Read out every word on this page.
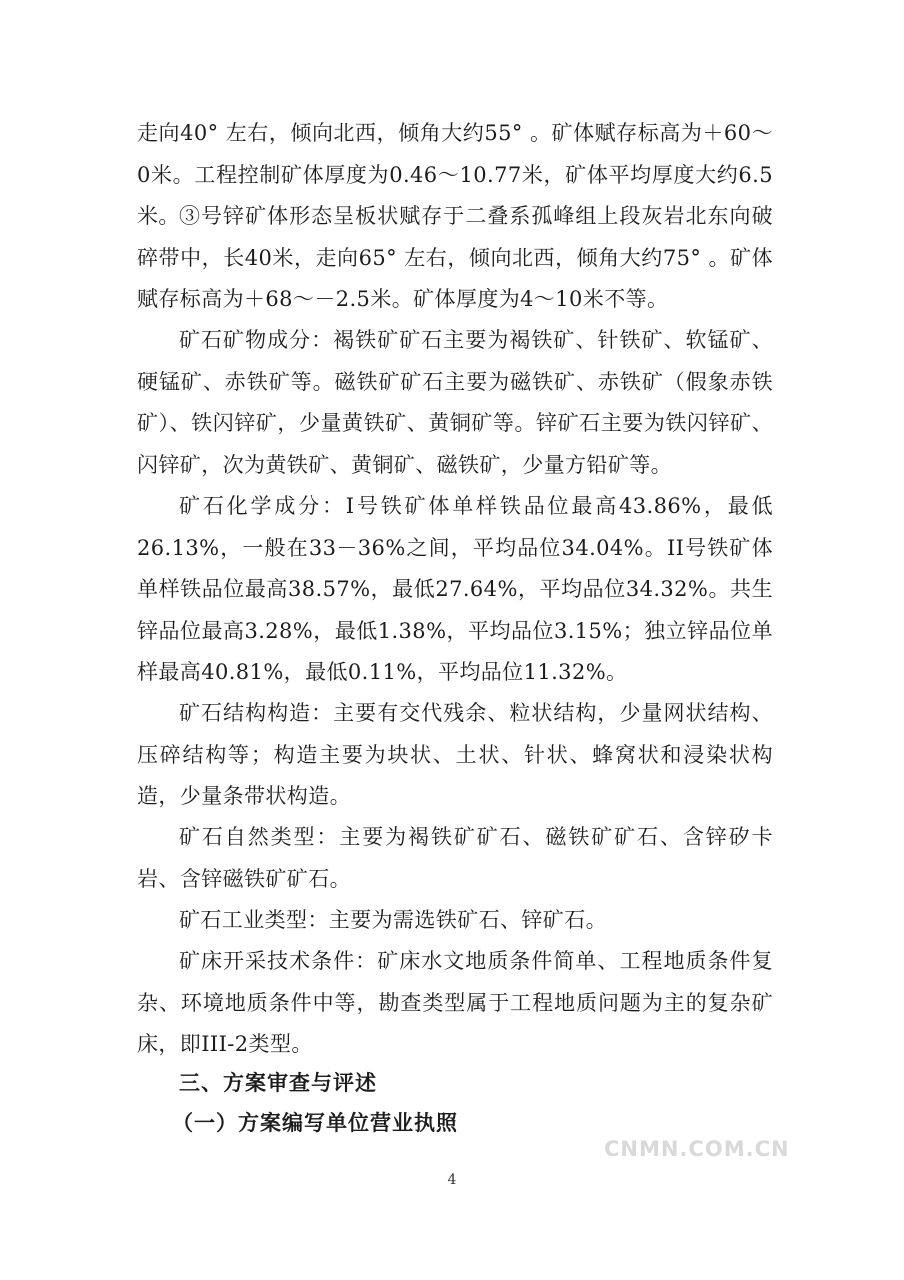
走向40° 左右，倾向北西，倾角大约55° 。矿体赋存标高为＋60～0米。工程控制矿体厚度为0.46～10.77米，矿体平均厚度大约6.5米。 ③号锌矿体形态呈板状赋存于二叠系孤峰组上段灰岩北东向破碎带中，长40米，走向65° 左右，倾向北西，倾角大约75° 。矿体赋存标高为＋68～－2.5米。矿体厚度为4～10米不等。

矿石矿物成分：褐铁矿矿石主要为褐铁矿、针铁矿、软锰矿、硬锰矿、赤铁矿等。磁铁矿矿石主要为磁铁矿、赤铁矿（假象赤铁矿）、铁闪锌矿，少量黄铁矿、黄铜矿等。锌矿石主要为铁闪锌矿、闪锌矿，次为黄铁矿、黄铜矿、磁铁矿，少量方铅矿等。

矿石化学成分：I号铁矿体单样铁品位最高43.86%，最低26.13%，一般在33－36%之间，平均品位34.04%。II号铁矿体单样铁品位最高38.57%，最低27.64%，平均品位34.32%。共生锌品位最高3.28%，最低1.38%，平均品位3.15%；独立锌品位单样最高40.81%，最低0.11%，平均品位11.32%。

矿石结构构造：主要有交代残余、粒状结构，少量网状结构、压碎结构等；构造主要为块状、土状、针状、蜂窝状和浸染状构造，少量条带状构造。

矿石自然类型：主要为褐铁矿矿石、磁铁矿矿石、含锌矽卡岩、含锌磁铁矿矿石。

矿石工业类型：主要为需选铁矿石、锌矿石。

矿床开采技术条件：矿床水文地质条件简单、工程地质条件复杂、环境地质条件中等，勘查类型属于工程地质问题为主的复杂矿床，即III-2类型。

三、方案审查与评述
（一）方案编写单位营业执照
CNMN.COM.CN
4
